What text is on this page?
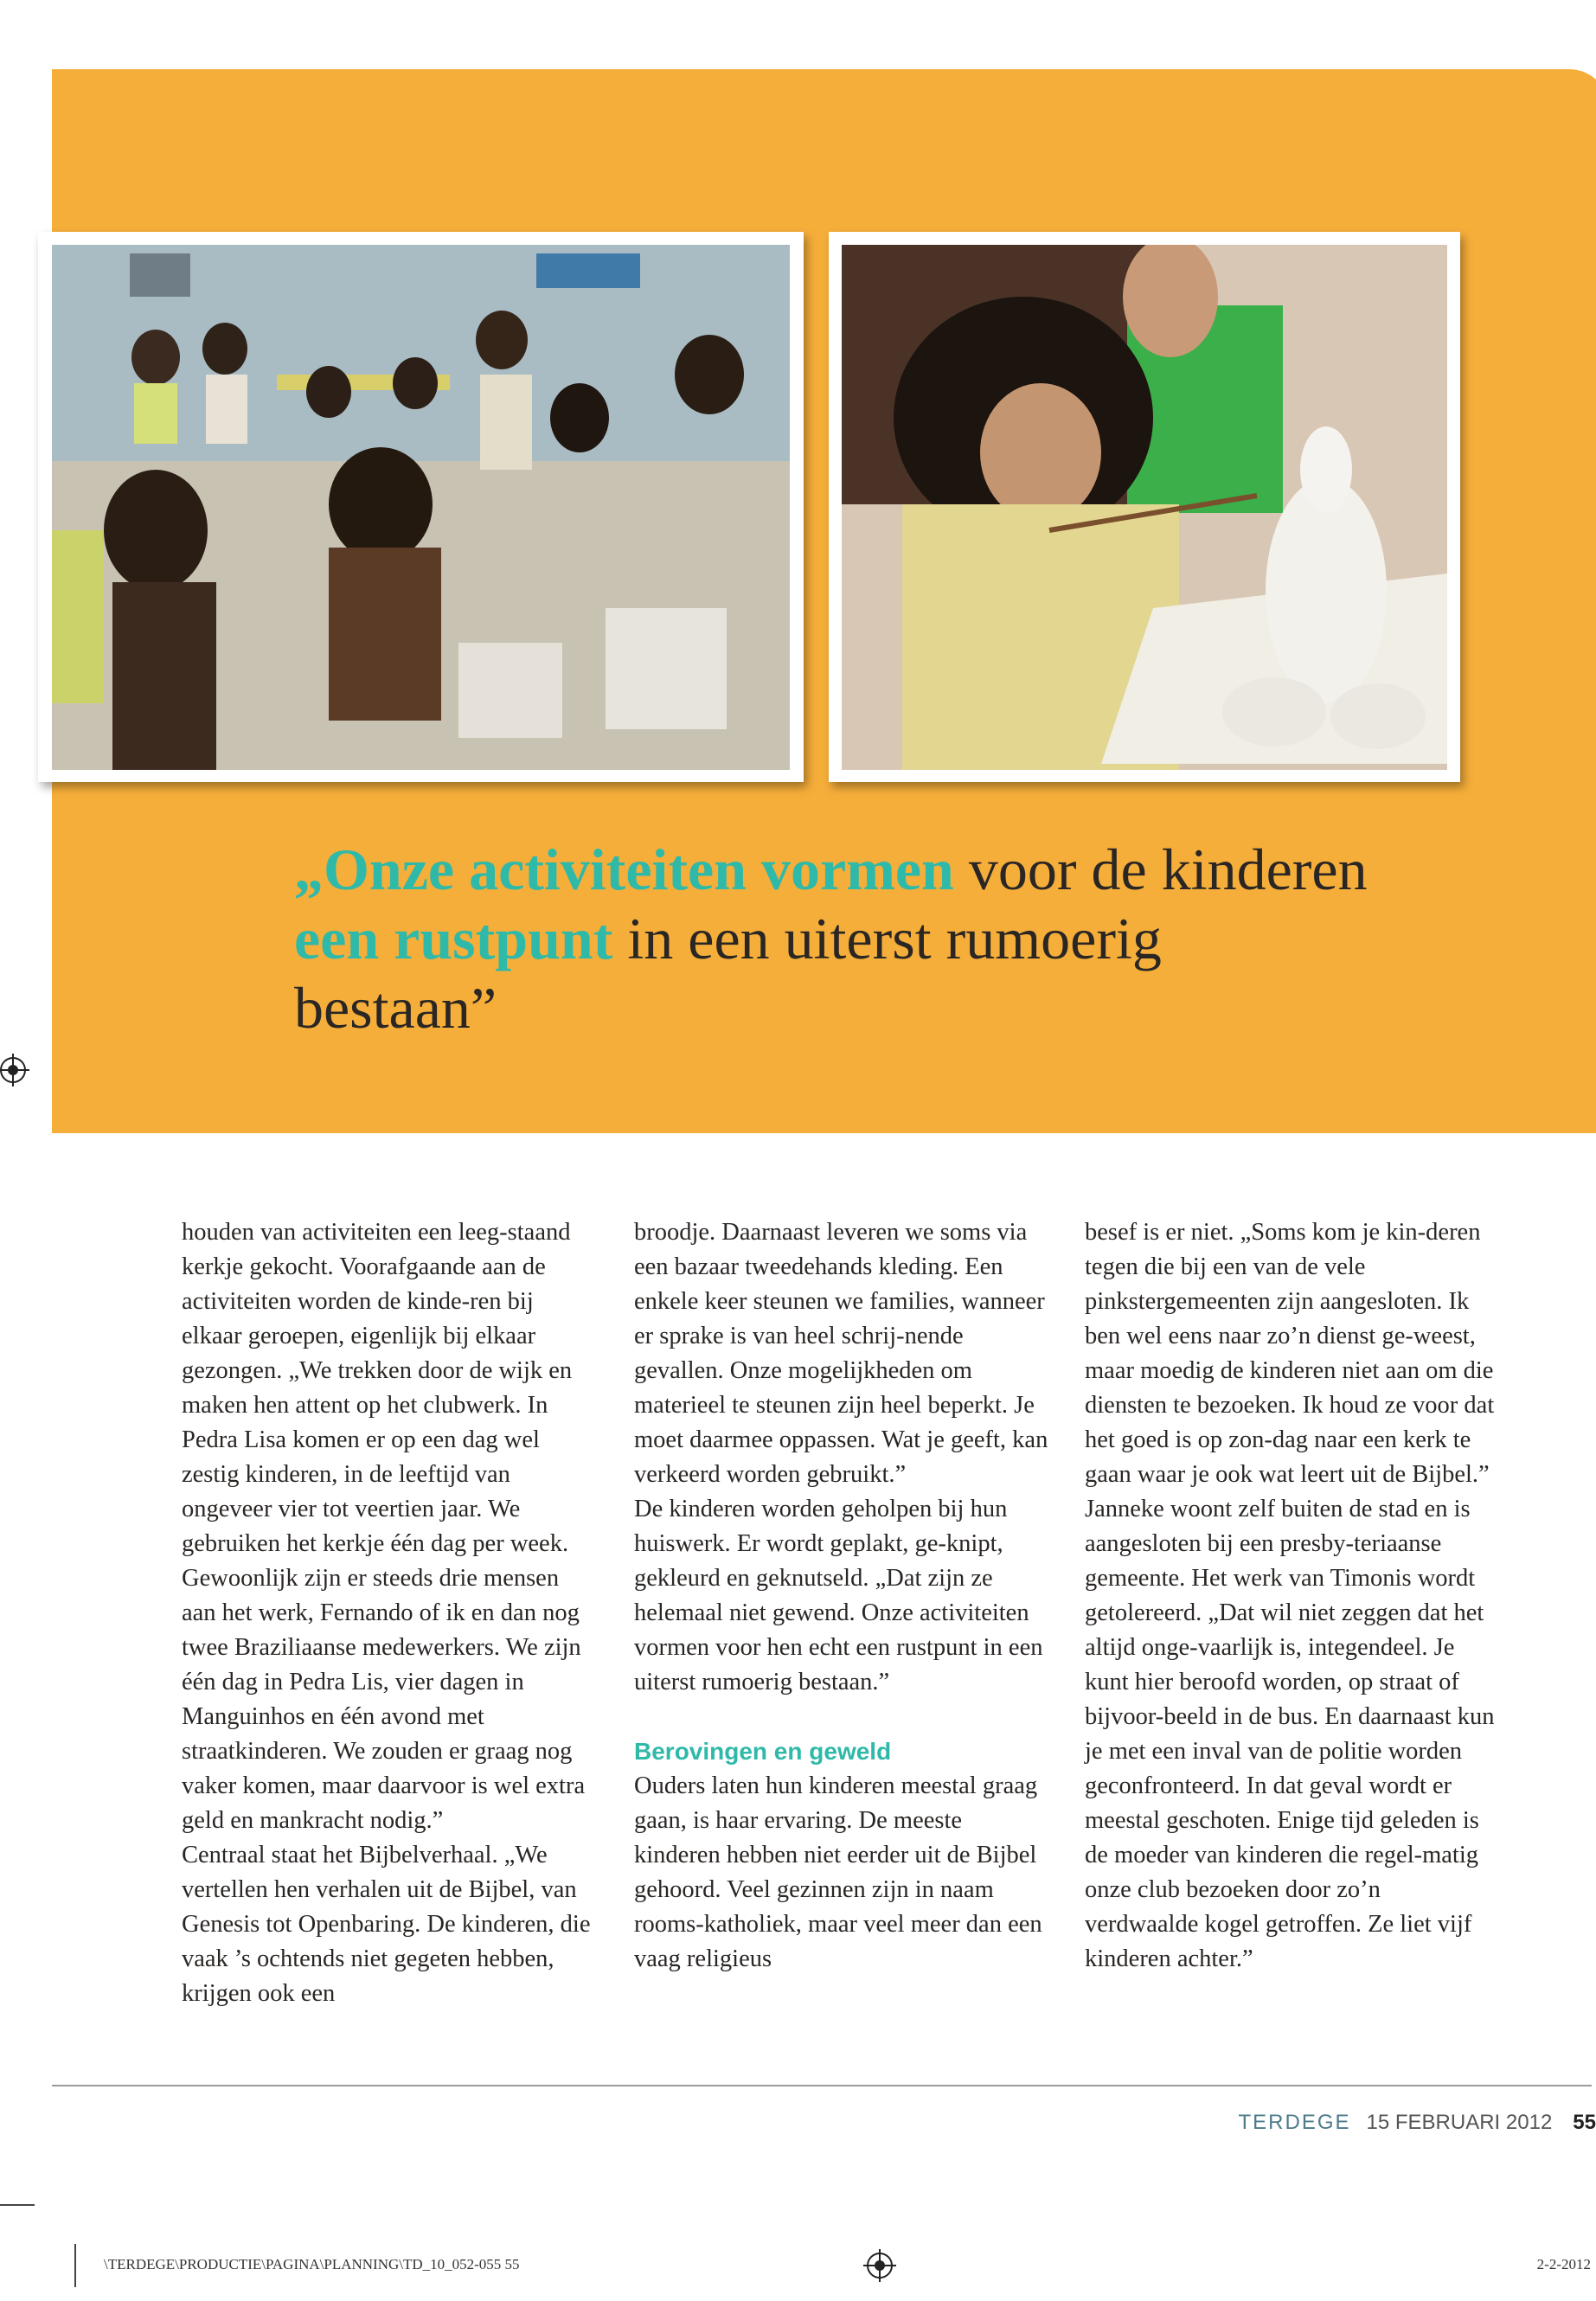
„Onze activiteiten vormen voor de kinderen een rustpunt in een uiterst rumoerig bestaan”

houden van activiteiten een leeg-staand kerkje gekocht. Voorafgaande aan de activiteiten worden de kinde-ren bij elkaar geroepen, eigenlijk bij elkaar gezongen. „We trekken door de wijk en maken hen attent op het clubwerk. In Pedra Lisa komen er op een dag wel zestig kinderen, in de leeftijd van ongeveer vier tot veertien jaar. We gebruiken het kerkje één dag per week. Gewoonlijk zijn er steeds drie mensen aan het werk, Fernando of ik en dan nog twee Braziliaanse medewerkers. We zijn één dag in Pedra Lis, vier dagen in Manguinhos en één avond met straatkinderen. We zouden er graag nog vaker komen, maar daarvoor is wel extra geld en mankracht nodig.”

Centraal staat het Bijbelverhaal. „We vertellen hen verhalen uit de Bijbel, van Genesis tot Openbaring. De kinderen, die vaak ’s ochtends niet gegeten hebben, krijgen ook een

broodje. Daarnaast leveren we soms via een bazaar tweedehands kleding. Een enkele keer steunen we families, wanneer er sprake is van heel schrij-nende gevallen. Onze mogelijkheden om materieel te steunen zijn heel beperkt. Je moet daarmee oppassen. Wat je geeft, kan verkeerd worden gebruikt.”

De kinderen worden geholpen bij hun huiswerk. Er wordt geplakt, ge-knipt, gekleurd en geknutseld. „Dat zijn ze helemaal niet gewend. Onze activiteiten vormen voor hen echt een rustpunt in een uiterst rumoerig bestaan.”

Berovingen en geweld

Ouders laten hun kinderen meestal graag gaan, is haar ervaring. De meeste kinderen hebben niet eerder uit de Bijbel gehoord. Veel gezinnen zijn in naam rooms-katholiek, maar veel meer dan een vaag religieus

besef is er niet. „Soms kom je kin-deren tegen die bij een van de vele pinkstergemeenten zijn aangesloten. Ik ben wel eens naar zo’n dienst ge-weest, maar moedig de kinderen niet aan om die diensten te bezoeken. Ik houd ze voor dat het goed is op zon-dag naar een kerk te gaan waar je ook wat leert uit de Bijbel.”

Janneke woont zelf buiten de stad en is aangesloten bij een presby-teriaanse gemeente. Het werk van Timonis wordt getolereerd. „Dat wil niet zeggen dat het altijd onge-vaarlijk is, integendeel. Je kunt hier beroofd worden, op straat of bijvoor-beeld in de bus. En daarnaast kun je met een inval van de politie worden geconfronteerd. In dat geval wordt er meestal geschoten. Enige tijd geleden is de moeder van kinderen die regel-matig onze club bezoeken door zo’n verdwaalde kogel getroffen. Ze liet vijf kinderen achter.”

TERDEGE 15 FEBRUARI 2012 55
\TERDEGE\PRODUCTIE\PAGINA\PLANNING\TD_10_052-055 55	2-2-2012
